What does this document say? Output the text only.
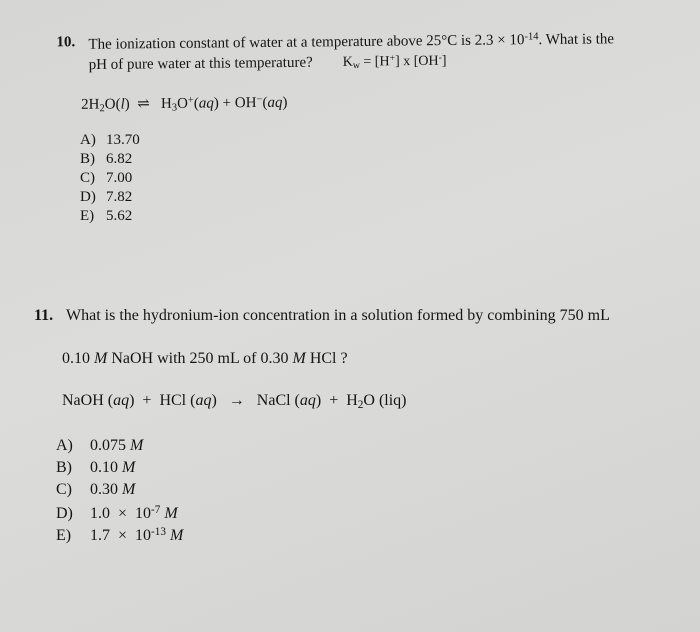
10. The ionization constant of water at a temperature above 25°C is $2.3 \times 10^{-14}$. What is the
pH of pure water at this temperature? $K_w = [H^+]$ x [OH-]
$2H_2O(l)$  ⇌   $H_3O^+(aq) + OH^-(aq)$
A) 13.70
B) 6.82
C) 7.00
D) 7.82
E) 5.62
11. What is the hydronium-ion concentration in a solution formed by combining 750 mL
0.10 M NaOH with 250 mL of 0.30 M HCl ?
NaOH (aq)  +  HCl (aq)   →   NaCl $(aq) + H_2O$ (liq)
A) 0.075 M
B) 0.10 M
C) 0.30 M
D) $1.0 \times 10^{-7}$ M
E) $1.7 \times 10^{-13}$ M
